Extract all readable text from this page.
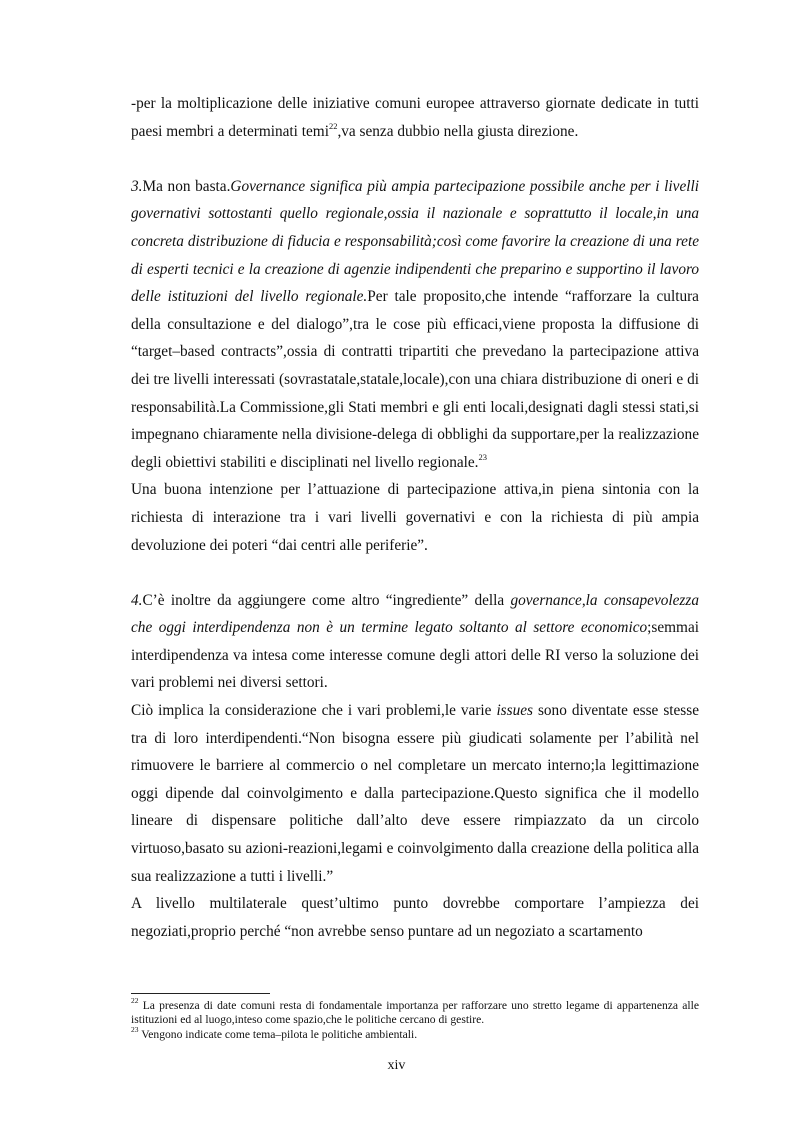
-per la moltiplicazione delle iniziative comuni europee attraverso giornate dedicate in tutti paesi membri a determinati temi$^{22}$,va senza dubbio nella giusta direzione.

3.Ma non basta.Governance significa più ampia partecipazione possibile anche per i livelli governativi sottostanti quello regionale,ossia il nazionale e soprattutto il locale,in una concreta distribuzione di fiducia e responsabilità;così come favorire la creazione di una rete di esperti tecnici e la creazione di agenzie indipendenti che preparino e supportino il lavoro delle istituzioni del livello regionale.Per tale proposito,che intende “rafforzare la cultura della consultazione e del dialogo”,tra le cose più efficaci,viene proposta la diffusione di “target–based contracts”,ossia di contratti tripartiti che prevedano la partecipazione attiva dei tre livelli interessati (sovrastatale,statale,locale),con una chiara distribuzione di oneri e di responsabilità.La Commissione,gli Stati membri e gli enti locali,designati dagli stessi stati,si impegnano chiaramente nella divisione-delega di obblighi da supportare,per la realizzazione degli obiettivi stabiliti e disciplinati nel livello regionale.$^{23}$

Una buona intenzione per l’attuazione di partecipazione attiva,in piena sintonia con la richiesta di interazione tra i vari livelli governativi e con la richiesta di più ampia devoluzione dei poteri “dai centri alle periferie”.

4.C’è inoltre da aggiungere come altro “ingrediente” della governance,la consapevolezza che oggi interdipendenza non è un termine legato soltanto al settore economico;semmai interdipendenza va intesa come interesse comune degli attori delle RI verso la soluzione dei vari problemi nei diversi settori.

Ciò implica la considerazione che i vari problemi,le varie issues sono diventate esse stesse tra di loro interdipendenti.“Non bisogna essere più giudicati solamente per l’abilità nel rimuovere le barriere al commercio o nel completare un mercato interno;la legittimazione oggi dipende dal coinvolgimento e dalla partecipazione.Questo significa che il modello lineare di dispensare politiche dall’alto deve essere rimpiazzato da un circolo virtuoso,basato su azioni-reazioni,legami e coinvolgimento dalla creazione della politica alla sua realizzazione a tutti i livelli.”

A livello multilaterale quest’ultimo punto dovrebbe comportare l’ampiezza dei negoziati,proprio perché “non avrebbe senso puntare ad un negoziato a scartamento

$^{22}$ La presenza di date comuni resta di fondamentale importanza per rafforzare uno stretto legame di appartenenza alle istituzioni ed al luogo,inteso come spazio,che le politiche cercano di gestire.

$^{23}$ Vengono indicate come tema–pilota le politiche ambientali.

xiv
